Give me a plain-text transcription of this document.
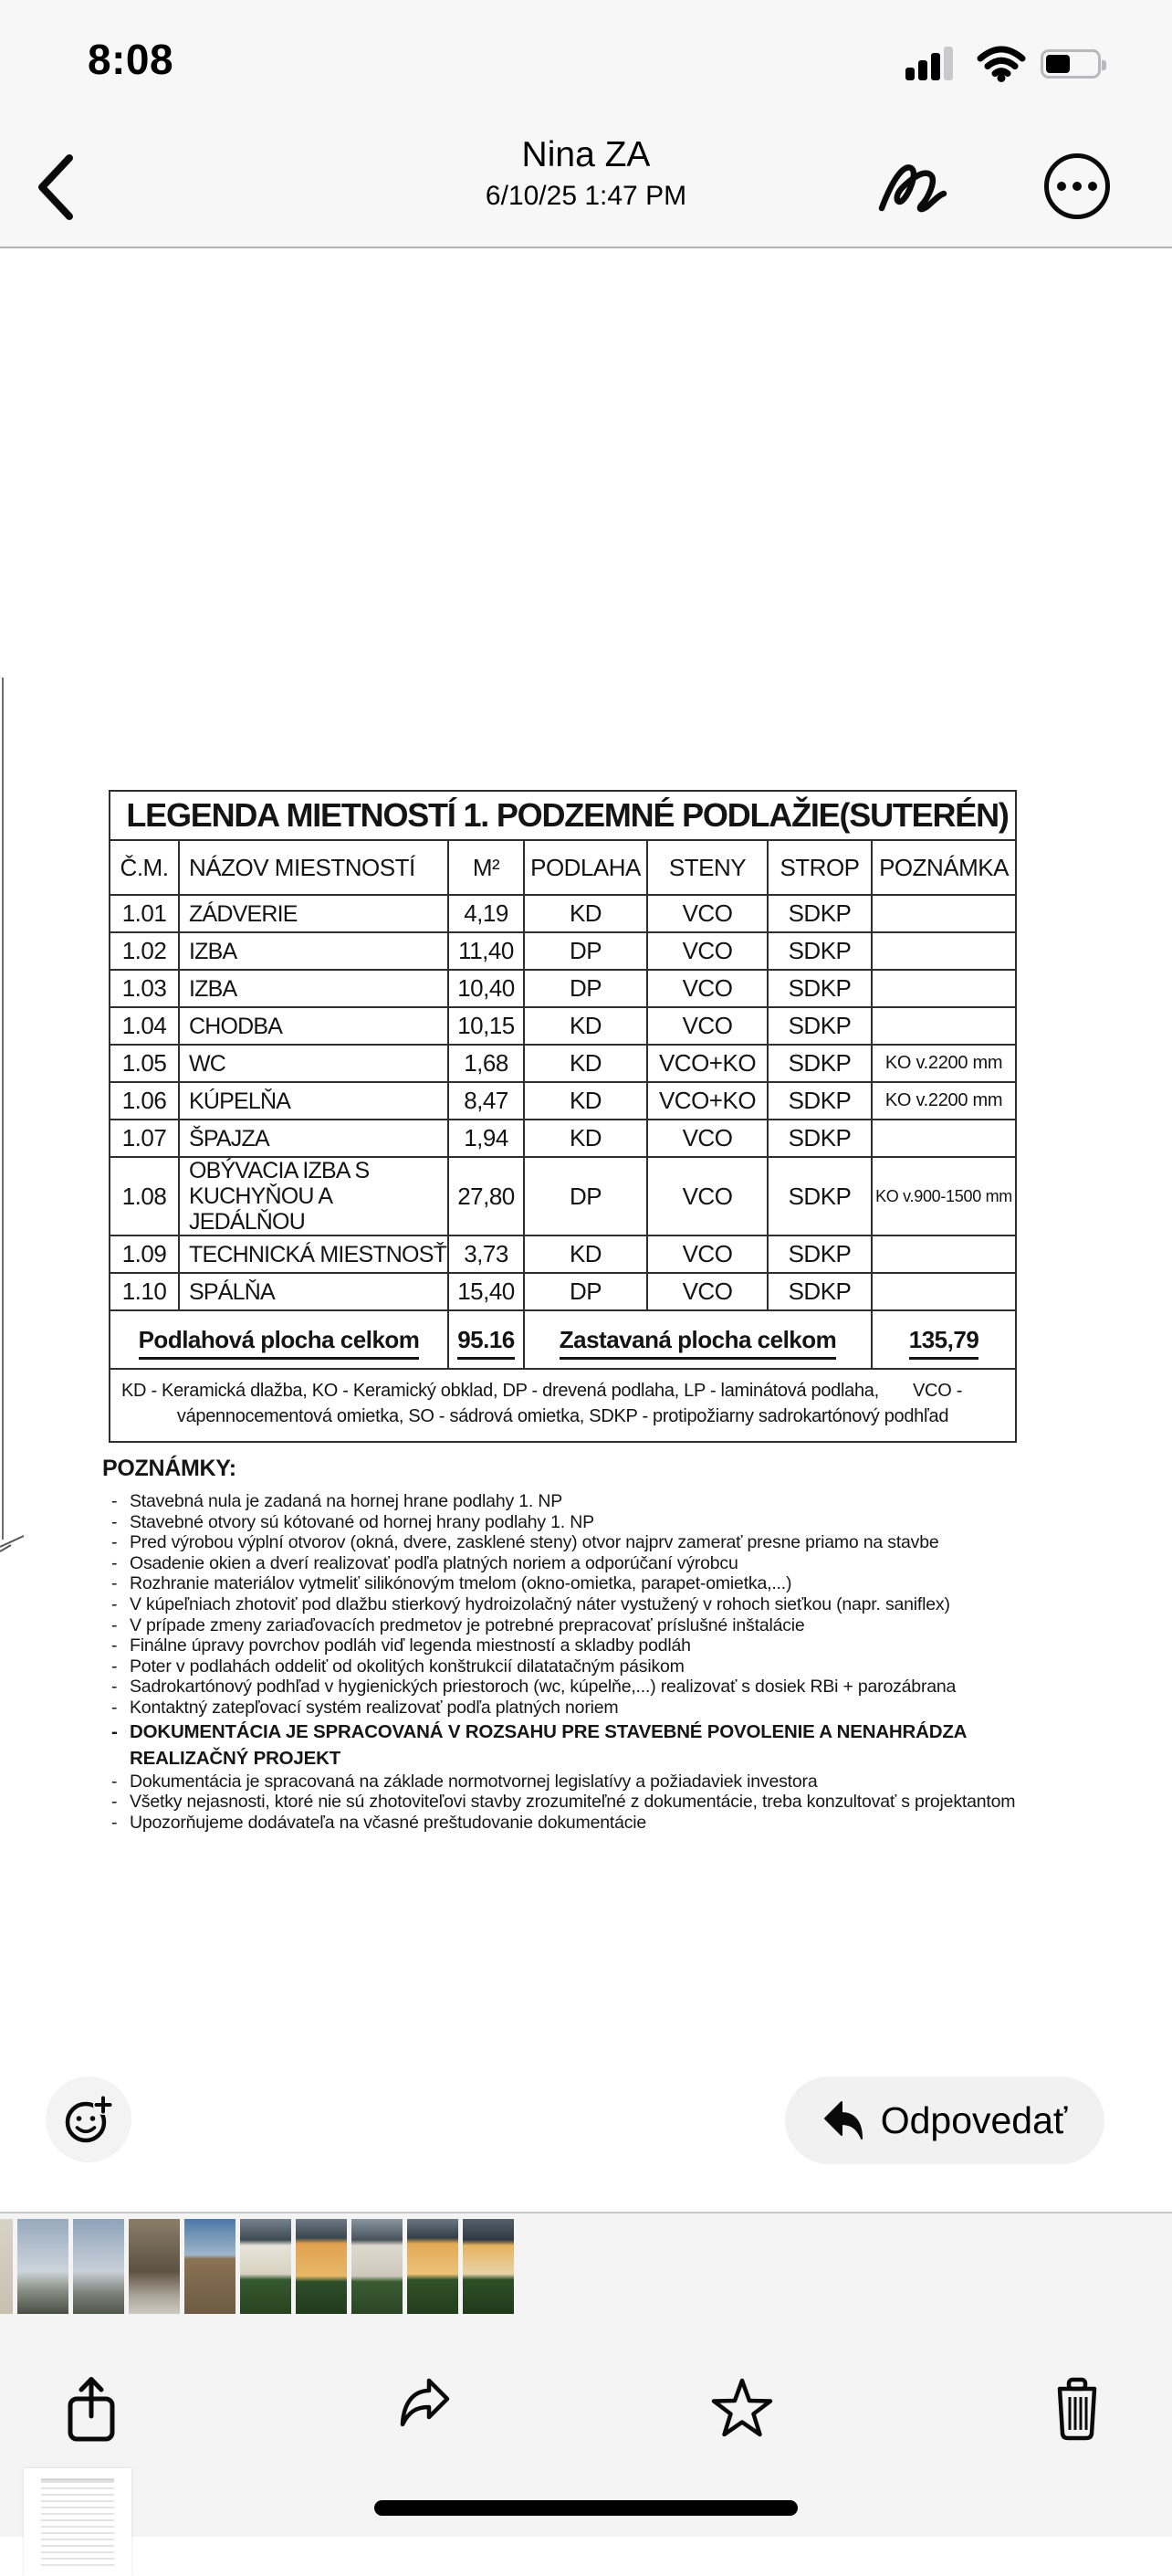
8:08
Nina ZA
6/10/25 1:47 PM
LEGENDA MIETNOSTÍ 1. PODZEMNÉ PODLAŽIE(SUTERÉN)						
Č.M.	NÁZOV MIESTNOSTÍ	M²	PODLAHA	STENY	STROP	POZNÁMKA
1.01	ZÁDVERIE	4,19	KD	VCO	SDKP	
1.02	IZBA	11,40	DP	VCO	SDKP	
1.03	IZBA	10,40	DP	VCO	SDKP	
1.04	CHODBA	10,15	KD	VCO	SDKP	
1.05	WC	1,68	KD	VCO+KO	SDKP	KO v.2200 mm
1.06	KÚPELŇA	8,47	KD	VCO+KO	SDKP	KO v.2200 mm
1.07	ŠPAJZA	1,94	KD	VCO	SDKP	
1.08	OBÝVACIA IZBA S KUCHYŇOU A JEDÁLŇOU	27,80	DP	VCO	SDKP	KO v.900-1500 mm
1.09	TECHNICKÁ MIESTNOSŤ	3,73	KD	VCO	SDKP	
1.10	SPÁLŇA	15,40	DP	VCO	SDKP	
Podlahová plocha celkom		95.16	Zastavaná plocha celkom			135,79

KD - Keramická dlažba, KO - Keramický obklad, DP - drevená podlaha, LP - laminátová podlaha, VCO -
vápennocementová omietka, SO - sádrová omietka, SDKP - protipožiarny sadrokartónový podhľad						
POZNÁMKY:
- Stavebná nula je zadaná na hornej hrane podlahy 1. NP
- Stavebné otvory sú kótované od hornej hrany podlahy 1. NP
- Pred výrobou výplní otvorov (okná, dvere, zasklené steny) otvor najprv zamerať presne priamo na stavbe
- Osadenie okien a dverí realizovať podľa platných noriem a odporúčaní výrobcu
- Rozhranie materiálov vytmeliť silikónovým tmelom (okno-omietka, parapet-omietka,...)
- V kúpeľniach zhotoviť pod dlažbu stierkový hydroizolačný náter vystužený v rohoch sieťkou (napr. saniflex)
- V prípade zmeny zariaďovacích predmetov je potrebné prepracovať príslušné inštalácie
- Finálne úpravy povrchov podláh viď legenda miestností a skladby podláh
- Poter v podlahách oddeliť od okolitých konštrukcií dilatatačným pásikom
- Sadrokartónový podhľad v hygienických priestoroch (wc, kúpelňe,...) realizovať s dosiek RBi + parozábrana
- Kontaktný zatepľovací systém realizovať podľa platných noriem
- DOKUMENTÁCIA JE SPRACOVANÁ V ROZSAHU PRE STAVEBNÉ POVOLENIE A NENAHRÁDZA
REALIZAČNÝ PROJEKT
- Dokumentácia je spracovaná na základe normotvornej legislatívy a požiadaviek investora
- Všetky nejasnosti, ktoré nie sú zhotoviteľovi stavby zrozumiteľné z dokumentácie, treba konzultovať s projektantom
- Upozorňujeme dodávateľa na včasné preštudovanie dokumentácie
Odpovedať
